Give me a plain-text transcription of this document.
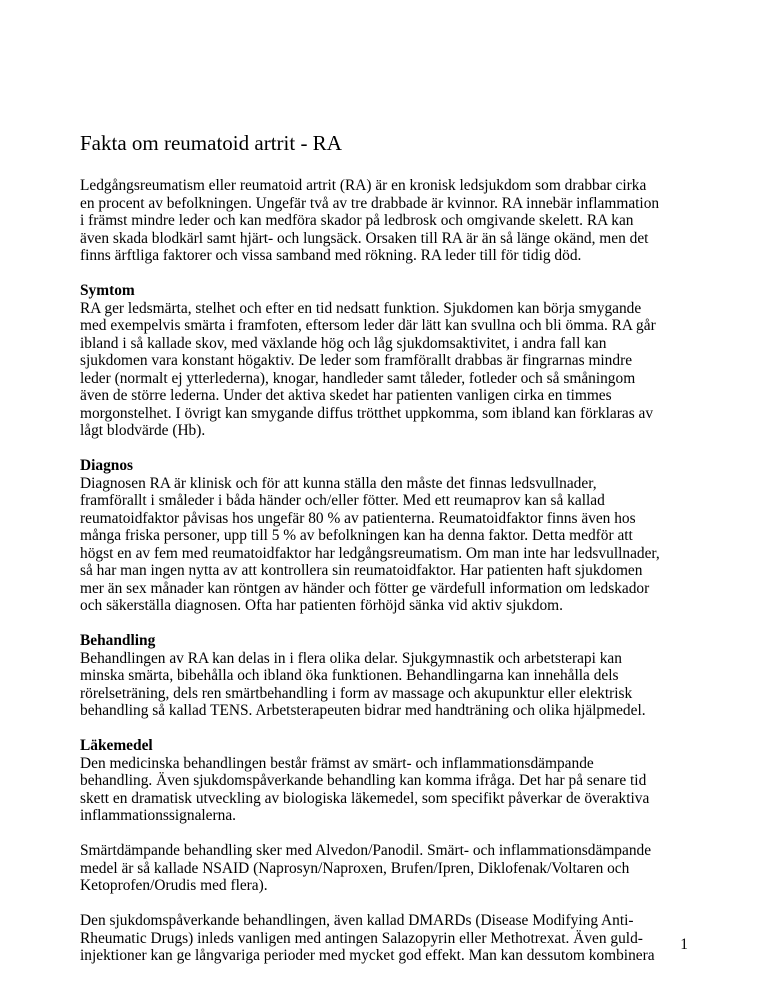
Fakta om reumatoid artrit - RA

Ledgångsreumatism eller reumatoid artrit (RA) är en kronisk ledsjukdom som drabbar cirka
en procent av befolkningen. Ungefär två av tre drabbade är kvinnor. RA innebär inflammation
i främst mindre leder och kan medföra skador på ledbrosk och omgivande skelett. RA kan
även skada blodkärl samt hjärt- och lungsäck. Orsaken till RA är än så länge okänd, men det
finns ärftliga faktorer och vissa samband med rökning. RA leder till för tidig död.

Symtom
RA ger ledsmärta, stelhet och efter en tid nedsatt funktion. Sjukdomen kan börja smygande
med exempelvis smärta i framfoten, eftersom leder där lätt kan svullna och bli ömma. RA går
ibland i så kallade skov, med växlande hög och låg sjukdomsaktivitet, i andra fall kan
sjukdomen vara konstant högaktiv. De leder som framförallt drabbas är fingrarnas mindre
leder (normalt ej ytterlederna), knogar, handleder samt tåleder, fotleder och så småningom
även de större lederna. Under det aktiva skedet har patienten vanligen cirka en timmes
morgonstelhet. I övrigt kan smygande diffus trötthet uppkomma, som ibland kan förklaras av
lågt blodvärde (Hb).

Diagnos
Diagnosen RA är klinisk och för att kunna ställa den måste det finnas ledsvullnader,
framförallt i småleder i båda händer och/eller fötter. Med ett reumaprov kan så kallad
reumatoidfaktor påvisas hos ungefär 80 % av patienterna. Reumatoidfaktor finns även hos
många friska personer, upp till 5 % av befolkningen kan ha denna faktor. Detta medför att
högst en av fem med reumatoidfaktor har ledgångsreumatism. Om man inte har ledsvullnader,
så har man ingen nytta av att kontrollera sin reumatoidfaktor. Har patienten haft sjukdomen
mer än sex månader kan röntgen av händer och fötter ge värdefull information om ledskador
och säkerställa diagnosen. Ofta har patienten förhöjd sänka vid aktiv sjukdom.

Behandling
Behandlingen av RA kan delas in i flera olika delar. Sjukgymnastik och arbetsterapi kan
minska smärta, bibehålla och ibland öka funktionen. Behandlingarna kan innehålla dels
rörelseträning, dels ren smärtbehandling i form av massage och akupunktur eller elektrisk
behandling så kallad TENS. Arbetsterapeuten bidrar med handträning och olika hjälpmedel.

Läkemedel
Den medicinska behandlingen består främst av smärt- och inflammationsdämpande
behandling. Även sjukdomspåverkande behandling kan komma ifråga. Det har på senare tid
skett en dramatisk utveckling av biologiska läkemedel, som specifikt påverkar de överaktiva
inflammationssignalerna.

Smärtdämpande behandling sker med Alvedon/Panodil. Smärt- och inflammationsdämpande
medel är så kallade NSAID (Naprosyn/Naproxen, Brufen/Ipren, Diklofenak/Voltaren och
Ketoprofen/Orudis med flera).

Den sjukdomspåverkande behandlingen, även kallad DMARDs (Disease Modifying Anti-
Rheumatic Drugs) inleds vanligen med antingen Salazopyrin eller Methotrexat. Även guld-
injektioner kan ge långvariga perioder med mycket god effekt. Man kan dessutom kombinera

1
